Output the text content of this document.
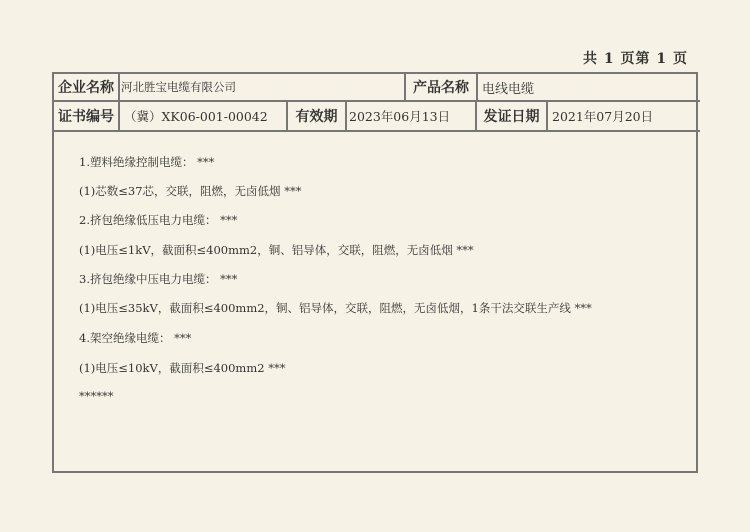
共 1 页第 1 页
企业名称 河北胜宝电缆有限公司	产品名称	电线电缆
证书编号 （冀）XK06-001-00042	有效期 2023年06月13日	发证日期	2021年07月20日
1.塑料绝缘控制电缆： ***
(1)芯数≤37芯，交联，阻燃，无卤低烟 ***
2.挤包绝缘低压电力电缆： ***
(1)电压≤1kV，截面积≤400mm2，铜、铝导体，交联，阻燃，无卤低烟 ***
3.挤包绝缘中压电力电缆： ***
(1)电压≤35kV，截面积≤400mm2，铜、铝导体，交联，阻燃，无卤低烟，1条干法交联生产线 ***
4.架空绝缘电缆： ***
(1)电压≤10kV，截面积≤400mm2 ***
******
